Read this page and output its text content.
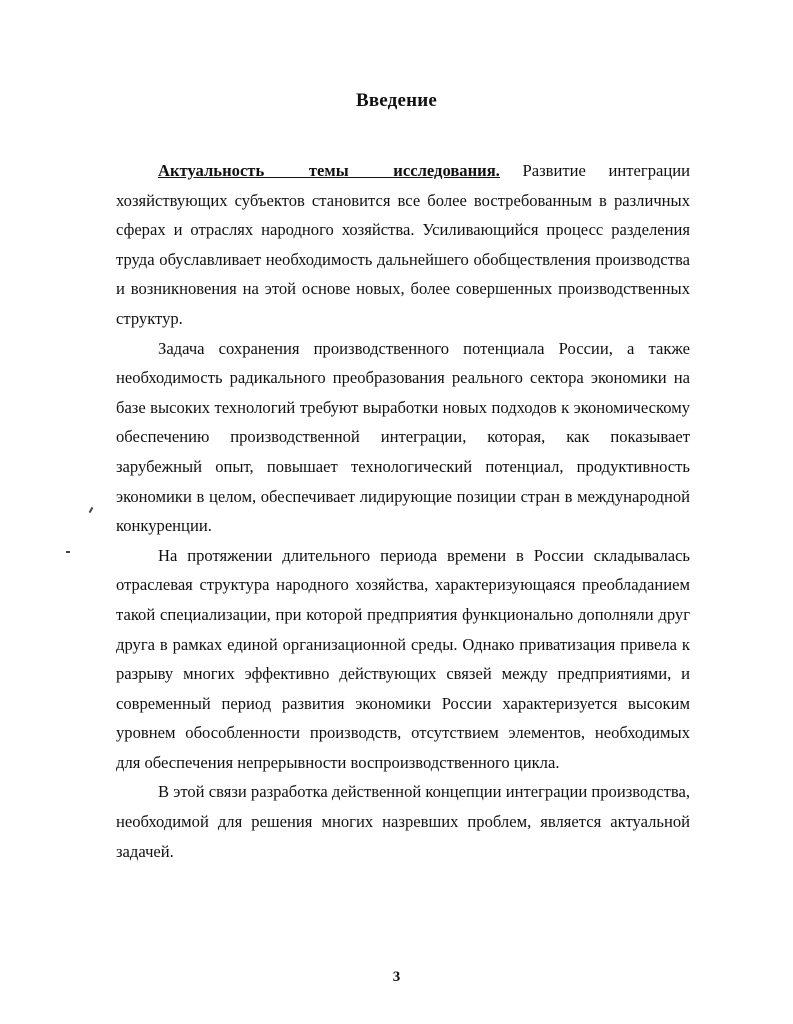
Введение

Актуальность темы исследования. Развитие интеграции хозяйствующих субъектов становится все более востребованным в различных сферах и отраслях народного хозяйства. Усиливающийся процесс разделения труда обуславливает необходимость дальнейшего обобществления производства и возникновения на этой основе новых, более совершенных производственных структур.

Задача сохранения производственного потенциала России, а также необходимость радикального преобразования реального сектора экономики на базе высоких технологий требуют выработки новых подходов к экономическому обеспечению производственной интеграции, которая, как показывает зарубежный опыт, повышает технологический потенциал, продуктивность экономики в целом, обеспечивает лидирующие позиции стран в международной конкуренции.

На протяжении длительного периода времени в России складывалась отраслевая структура народного хозяйства, характеризующаяся преобладанием такой специализации, при которой предприятия функционально дополняли друг друга в рамках единой организационной среды. Однако приватизация привела к разрыву многих эффективно действующих связей между предприятиями, и современный период развития экономики России характеризуется высоким уровнем обособленности производств, отсутствием элементов, необходимых для обеспечения непрерывности воспроизводственного цикла.

В этой связи разработка действенной концепции интеграции производства, необходимой для решения многих назревших проблем, является актуальной задачей.

3
